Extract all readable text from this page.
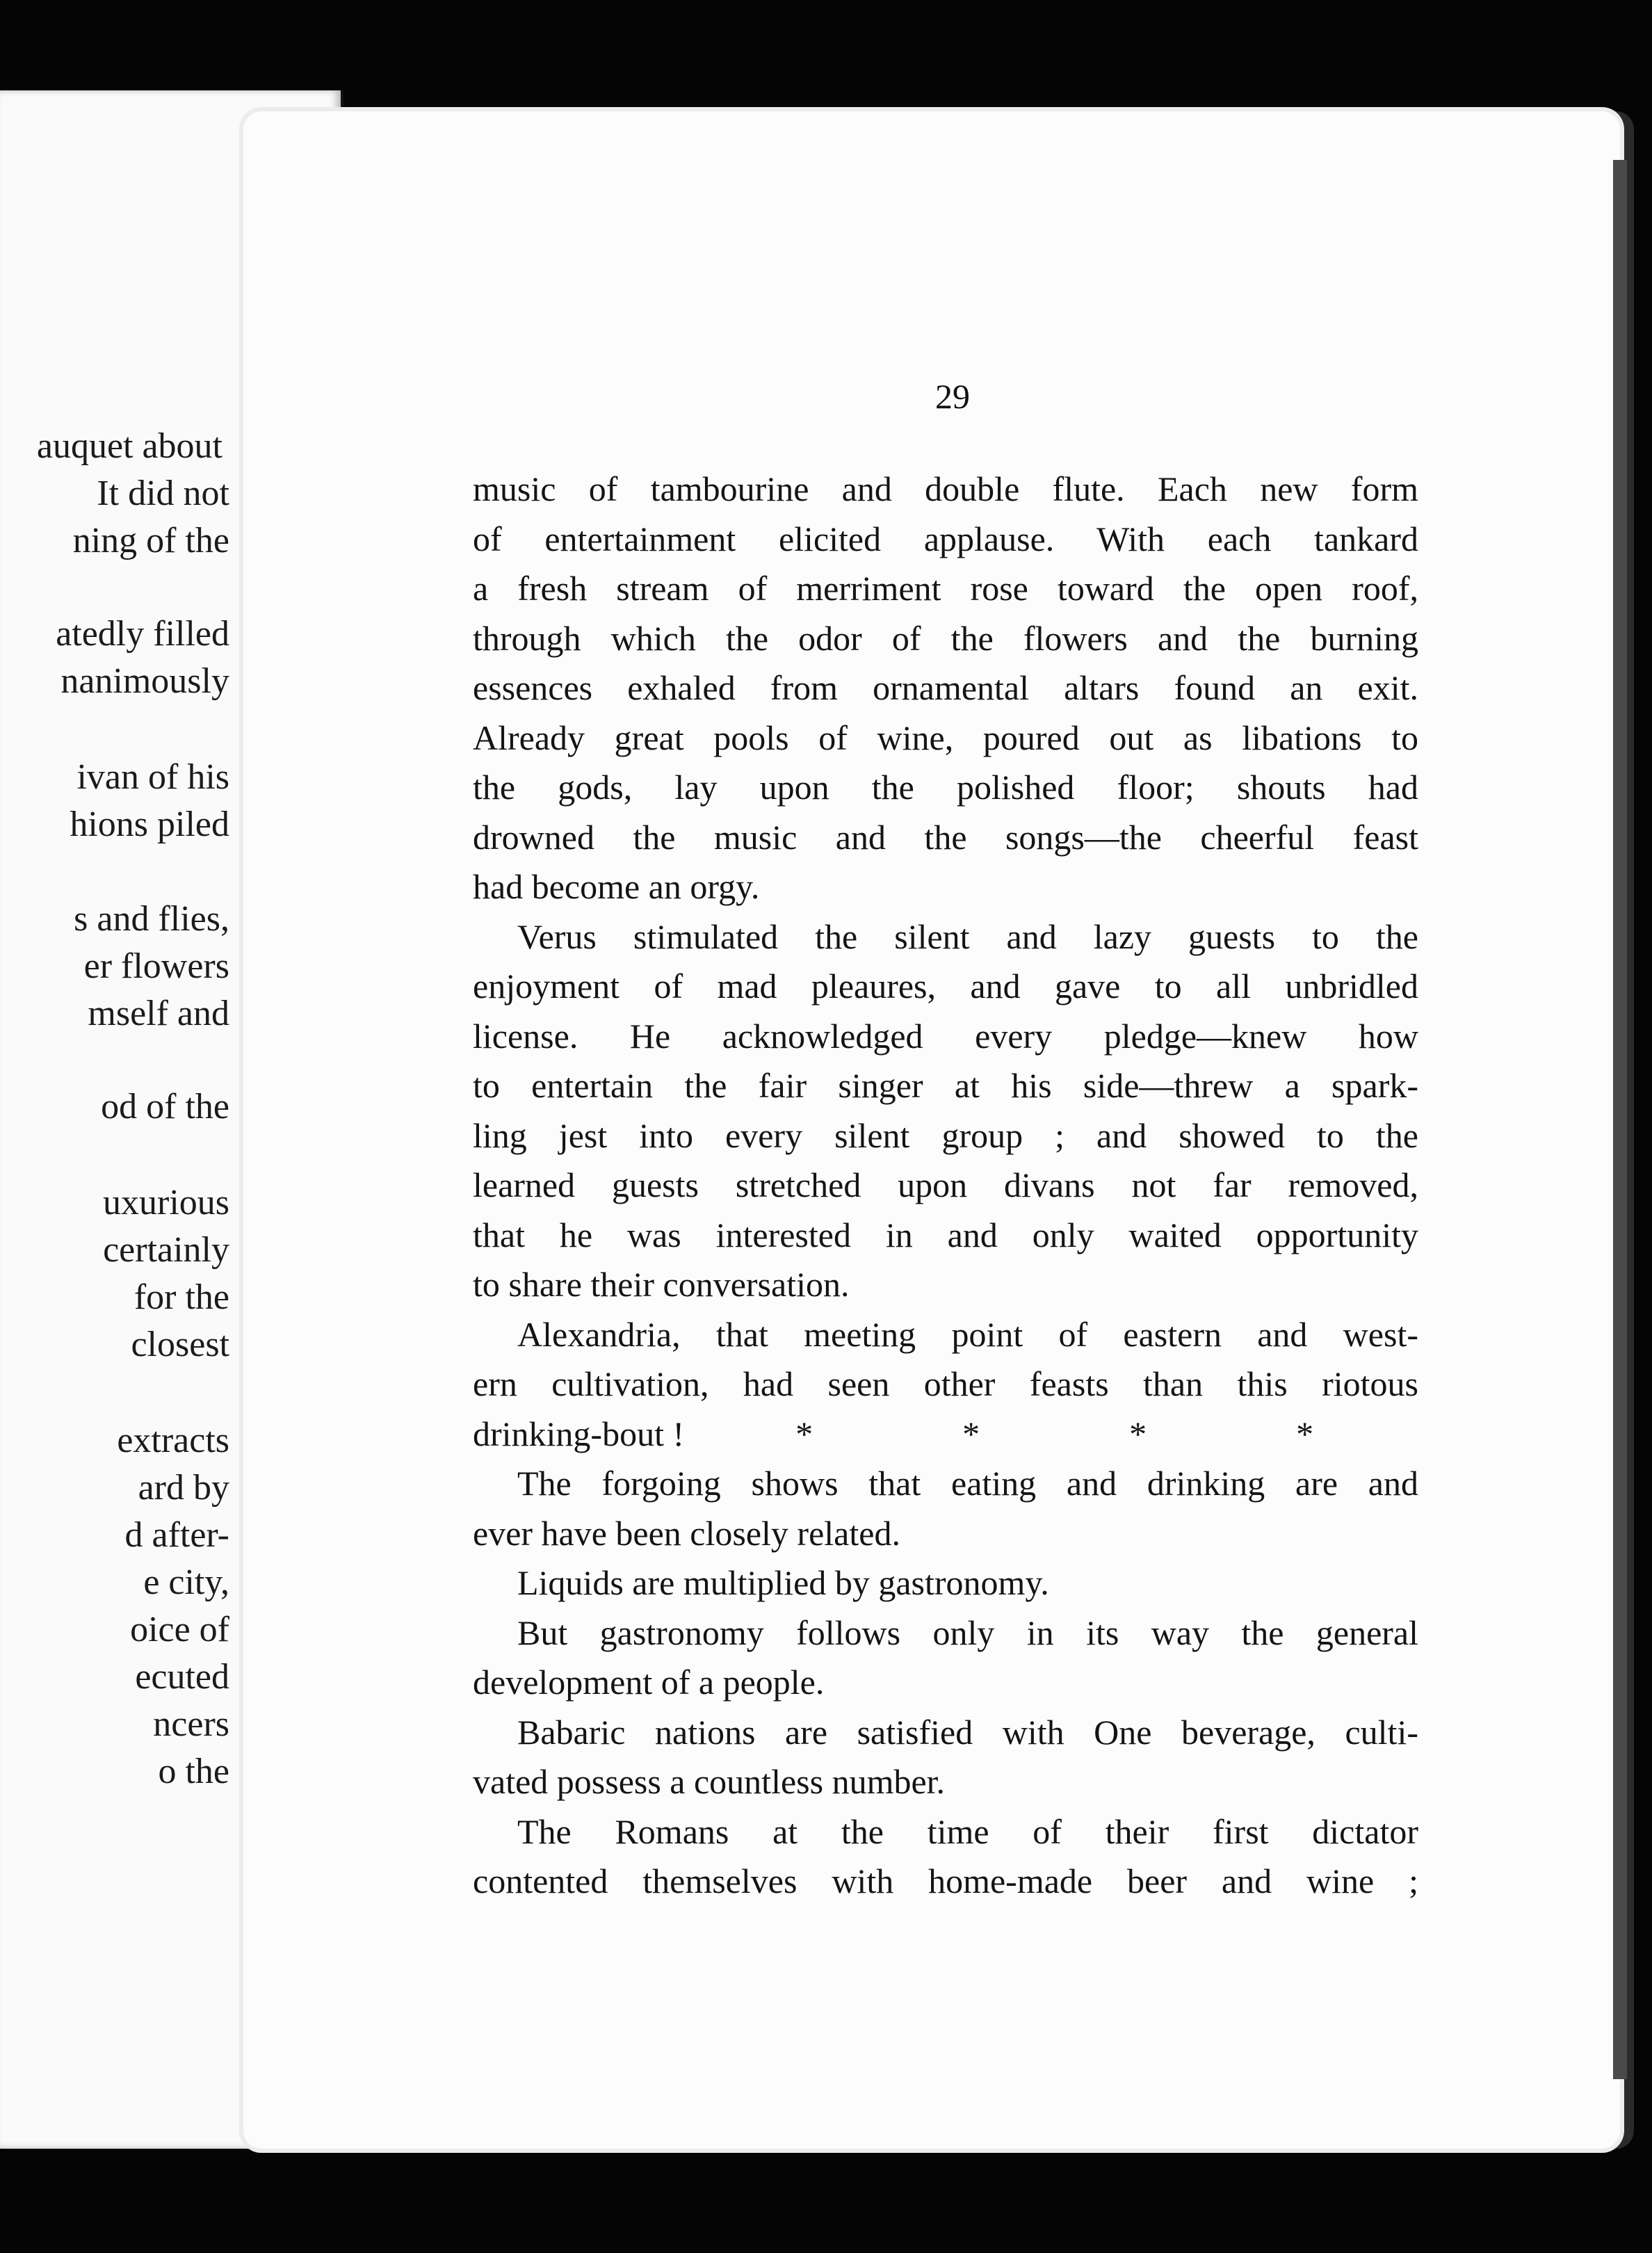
auquet about
It did not
ning of the
atedly filled
nanimously
ivan of his
hions piled
s and flies,
er flowers
mself and
od of the
uxurious
certainly
for the
closest
extracts
ard by
d after-
e city,
oice of
ecuted
ncers
o the
29
music of tambourine and double flute. Each new form
of entertainment elicited applause. With each tankard
a fresh stream of merriment rose toward the open roof,
through which the odor of the flowers and the burning
essences exhaled from ornamental altars found an exit.
Already great pools of wine, poured out as libations to
the gods, lay upon the polished floor; shouts had
drowned the music and the songs—the cheerful feast
had become an orgy.
Verus stimulated the silent and lazy guests to the
enjoyment of mad pleaures, and gave to all unbridled
license. He acknowledged every pledge—knew how
to entertain the fair singer at his side—threw a spark-
ling jest into every silent group ; and showed to the
learned guests stretched upon divans not far removed,
that he was interested in and only waited opportunity
to share their conversation.
Alexandria, that meeting point of eastern and west-
ern cultivation, had seen other feasts than this riotous
drinking-bout !	*	*	*	*
The forgoing shows that eating and drinking are and
ever have been closely related.
Liquids are multiplied by gastronomy.
But gastronomy follows only in its way the general
development of a people.
Babaric nations are satisfied with One beverage, culti-
vated possess a countless number.
The Romans at the time of their first dictator
contented themselves with home-made beer and wine ;
